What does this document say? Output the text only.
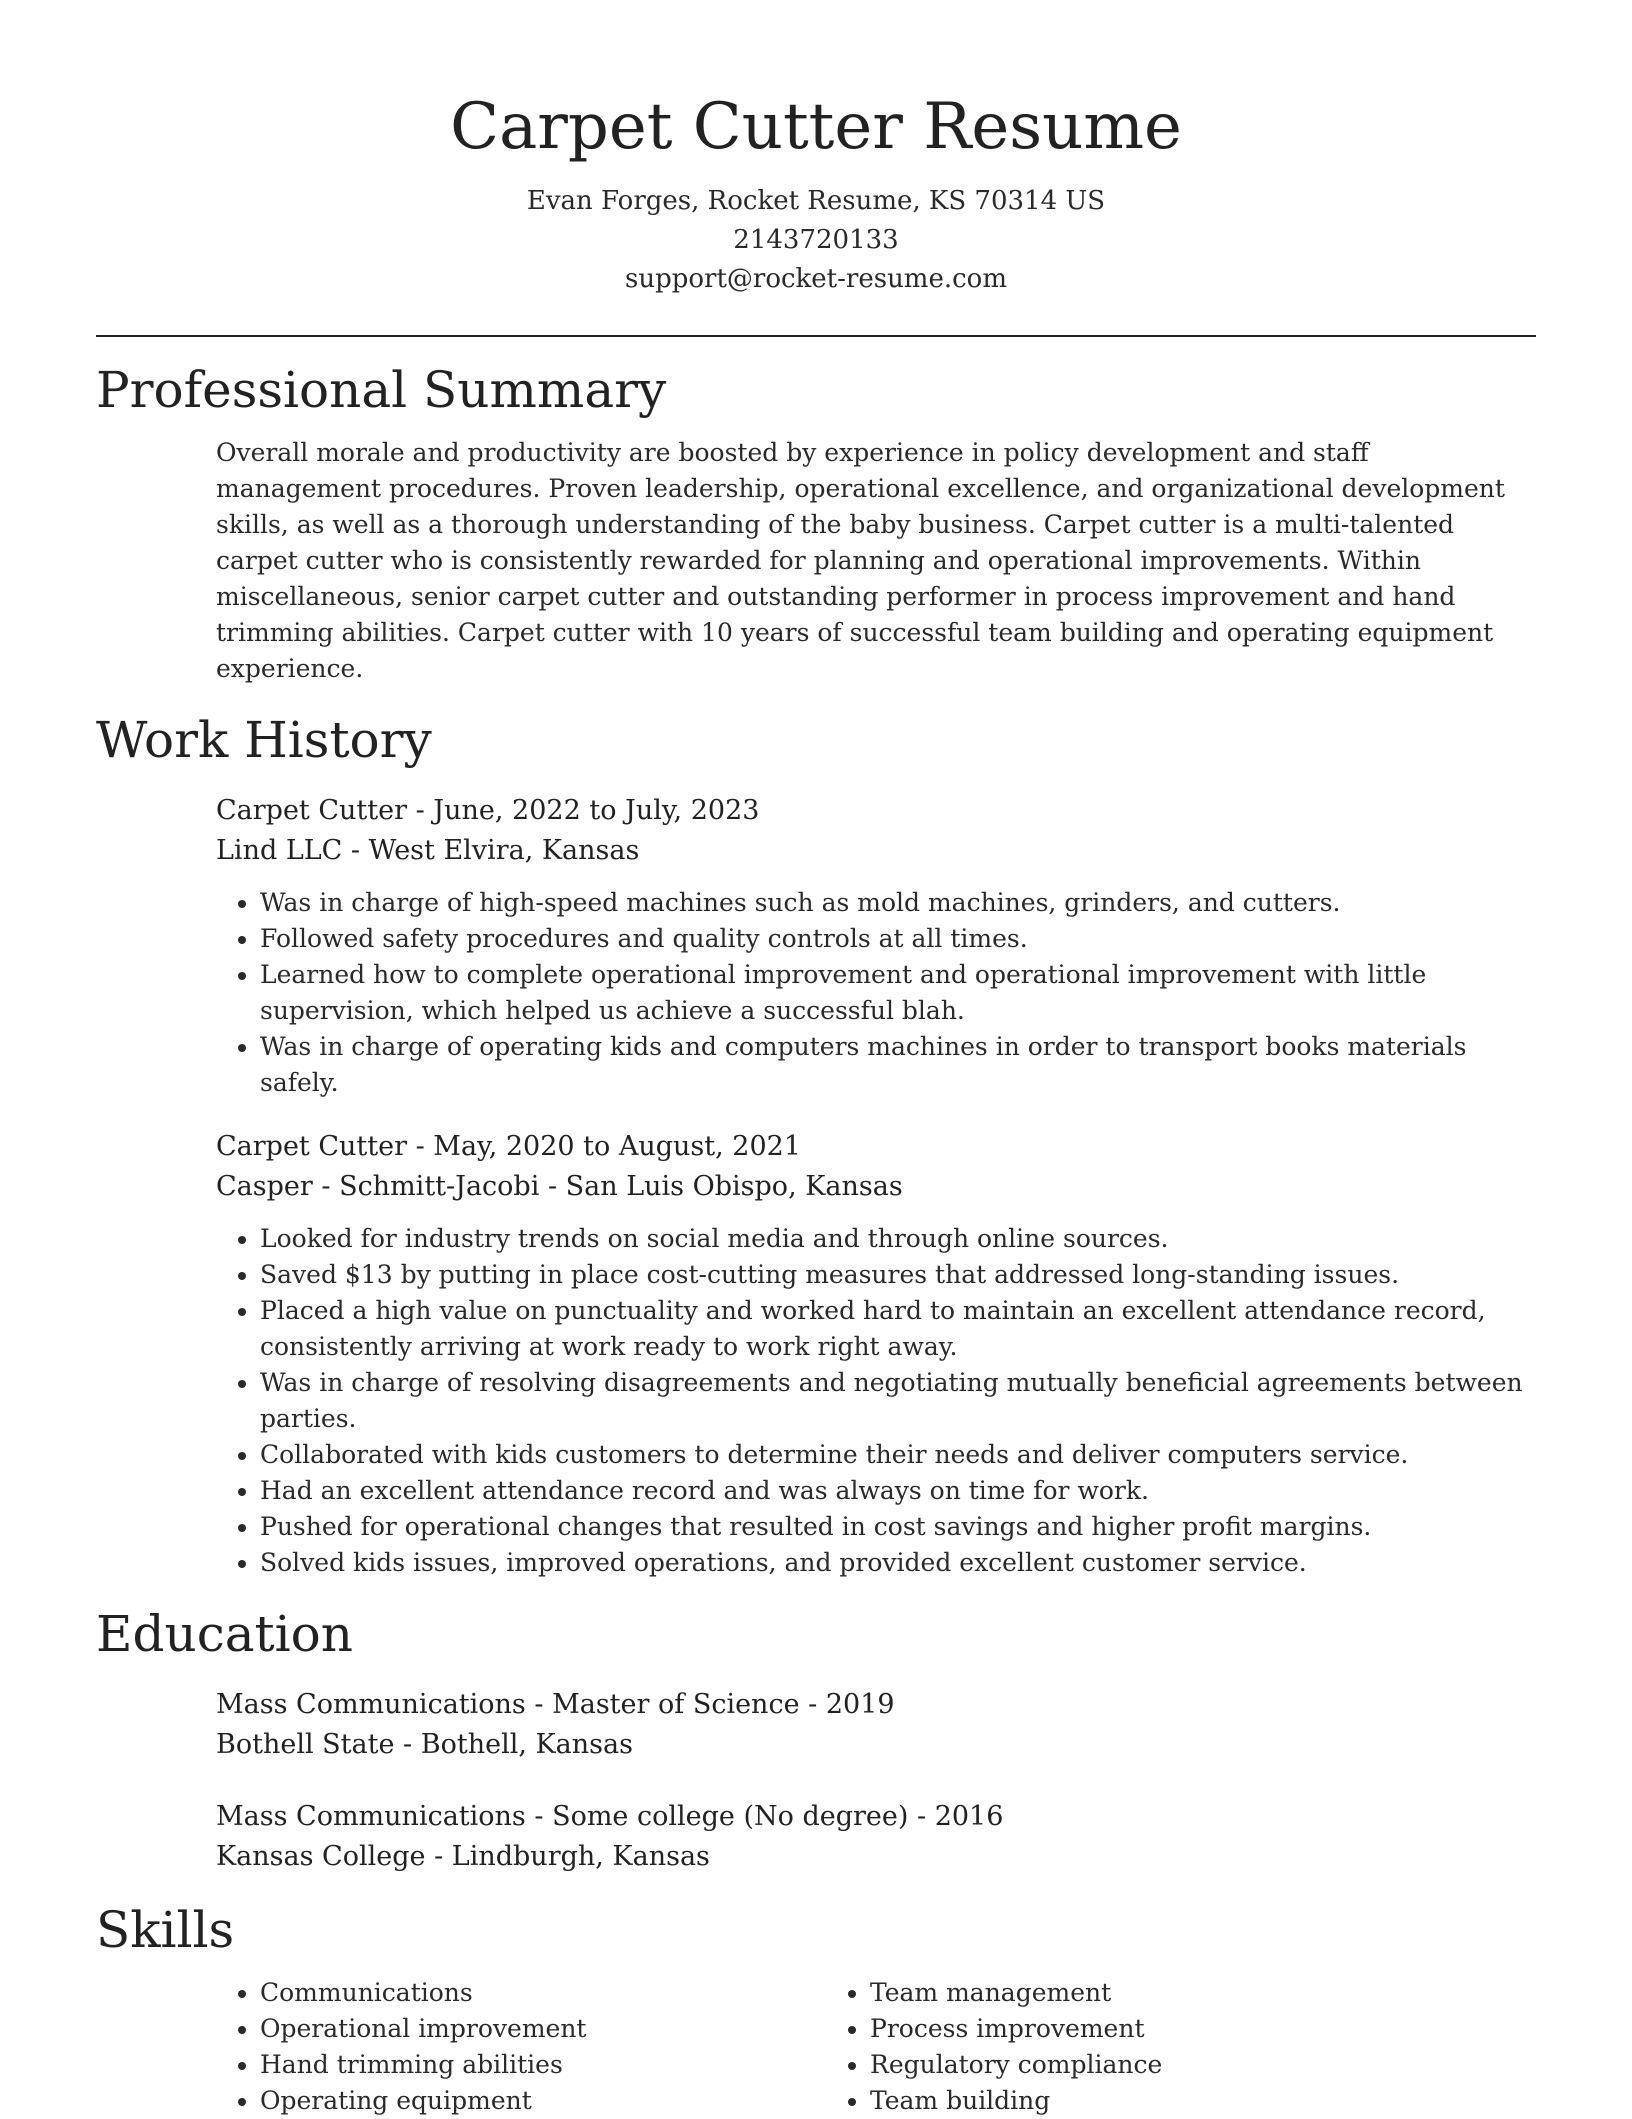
Carpet Cutter Resume
Evan Forges, Rocket Resume, KS 70314 US
2143720133
support@rocket-resume.com
Professional Summary

Overall morale and productivity are boosted by experience in policy development and staff management procedures. Proven leadership, operational excellence, and organizational development skills, as well as a thorough understanding of the baby business. Carpet cutter is a multi-talented carpet cutter who is consistently rewarded for planning and operational improvements. Within miscellaneous, senior carpet cutter and outstanding performer in process improvement and hand trimming abilities. Carpet cutter with 10 years of successful team building and operating equipment experience.

Work History
Carpet Cutter - June, 2022 to July, 2023
Lind LLC - West Elvira, Kansas
• Was in charge of high-speed machines such as mold machines, grinders, and cutters.
• Followed safety procedures and quality controls at all times.
• Learned how to complete operational improvement and operational improvement with little supervision, which helped us achieve a successful blah.
• Was in charge of operating kids and computers machines in order to transport books materials safely.
Carpet Cutter - May, 2020 to August, 2021
Casper - Schmitt-Jacobi - San Luis Obispo, Kansas
• Looked for industry trends on social media and through online sources.
• Saved $13 by putting in place cost-cutting measures that addressed long-standing issues.
• Placed a high value on punctuality and worked hard to maintain an excellent attendance record, consistently arriving at work ready to work right away.
• Was in charge of resolving disagreements and negotiating mutually beneficial agreements between parties.
• Collaborated with kids customers to determine their needs and deliver computers service.
• Had an excellent attendance record and was always on time for work.
• Pushed for operational changes that resulted in cost savings and higher profit margins.
• Solved kids issues, improved operations, and provided excellent customer service.
Education
Mass Communications - Master of Science - 2019
Bothell State - Bothell, Kansas
Mass Communications - Some college (No degree) - 2016
Kansas College - Lindburgh, Kansas
Skills
• Communications
• Operational improvement
• Hand trimming abilities
• Operating equipment
• Team management
• Process improvement
• Regulatory compliance
• Team building
